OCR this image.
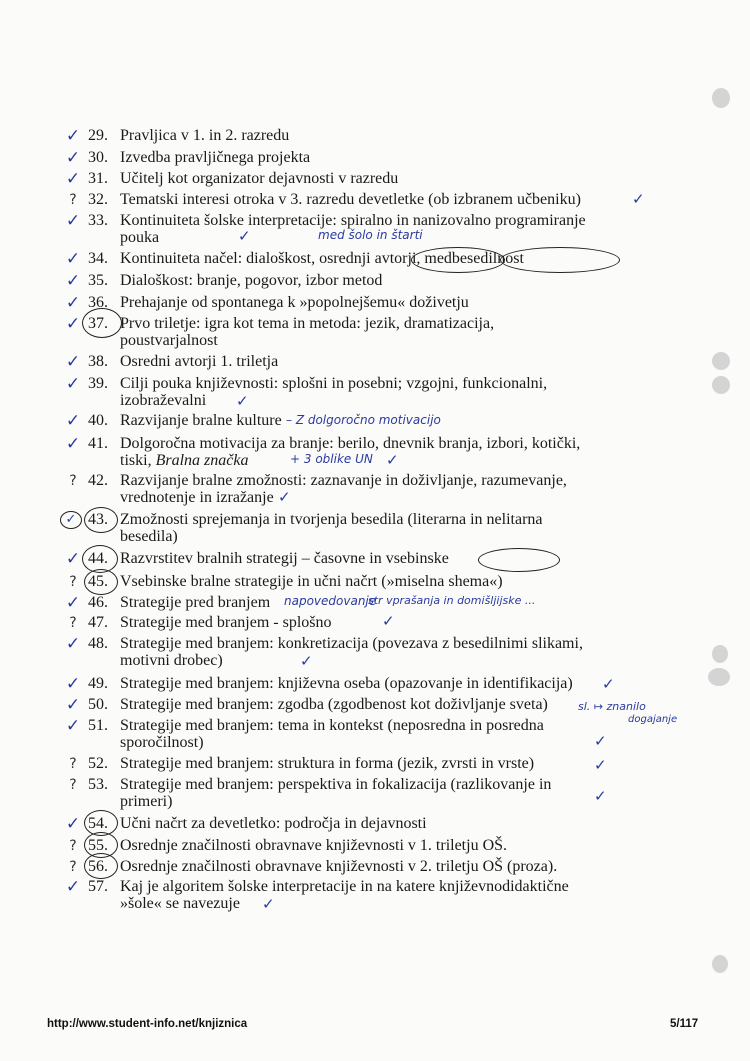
29. Pravljica v 1. in 2. razredu
30. Izvedba pravljičnega projekta
31. Učitelj kot organizator dejavnosti v razredu
32. Tematski interesi otroka v 3. razredu devetletke (ob izbranem učbeniku)
33. Kontinuiteta šolske interpretacije: spiralno in nanizovalno programiranje
pouka
34. Kontinuiteta načel: dialoškost, osrednji avtorji, medbesedilnost
35. Dialoškost: branje, pogovor, izbor metod
36. Prehajanje od spontanega k »popolnejšemu« doživetju
37. Prvo triletje: igra kot tema in metoda: jezik, dramatizacija,
poustvarjalnost
38. Osredni avtorji 1. triletja
39. Cilji pouka književnosti: splošni in posebni; vzgojni, funkcionalni,
izobraževalni
40. Razvijanje bralne kulture
41. Dolgoročna motivacija za branje: berilo, dnevnik branja, izbori, kotički,
tiski, Bralna značka
42. Razvijanje bralne zmožnosti: zaznavanje in doživljanje, razumevanje,
vrednotenje in izražanje
43. Zmožnosti sprejemanja in tvorjenja besedila (literarna in nelitarna
besedila)
44. Razvrstitev bralnih strategij – časovne in vsebinske
45. Vsebinske bralne strategije in učni načrt (»miselna shema«)
46. Strategije pred branjem
47. Strategije med branjem - splošno
48. Strategije med branjem: konkretizacija (povezava z besedilnimi slikami,
motivni drobec)
49. Strategije med branjem: književna oseba (opazovanje in identifikacija)
50. Strategije med branjem: zgodba (zgodbenost kot doživljanje sveta)
51. Strategije med branjem: tema in kontekst (neposredna in posredna
sporočilnost)
52. Strategije med branjem: struktura in forma (jezik, zvrsti in vrste)
53. Strategije med branjem: perspektiva in fokalizacija (razlikovanje in
primeri)
54. Učni načrt za devetletko: področja in dejavnosti
55. Osrednje značilnosti obravnave književnosti v 1. triletju OŠ.
56. Osrednje značilnosti obravnave književnosti v 2. triletju OŠ (proza).
57. Kaj je algoritem šolske interpretacije in na katere književnodidaktične
»šole« se navezuje
✓
✓
✓
?
✓
✓
✓
✓
✓
✓
✓
✓
✓
?
✓
✓
?
✓
?
✓
✓
✓
✓
?
?
✓
?
?
✓
✓
✓
✓
✓
✓
✓
✓
✓
✓
✓
✓
✓
med šolo in štarti
– Z dolgoročno motivacijo
+ 3 oblike UN
napovedovanje
str vprašanja in domišljijske ...
sl. ↦ znanilo
dogajanje
http://www.student-info.net/knjiznica	5/117
